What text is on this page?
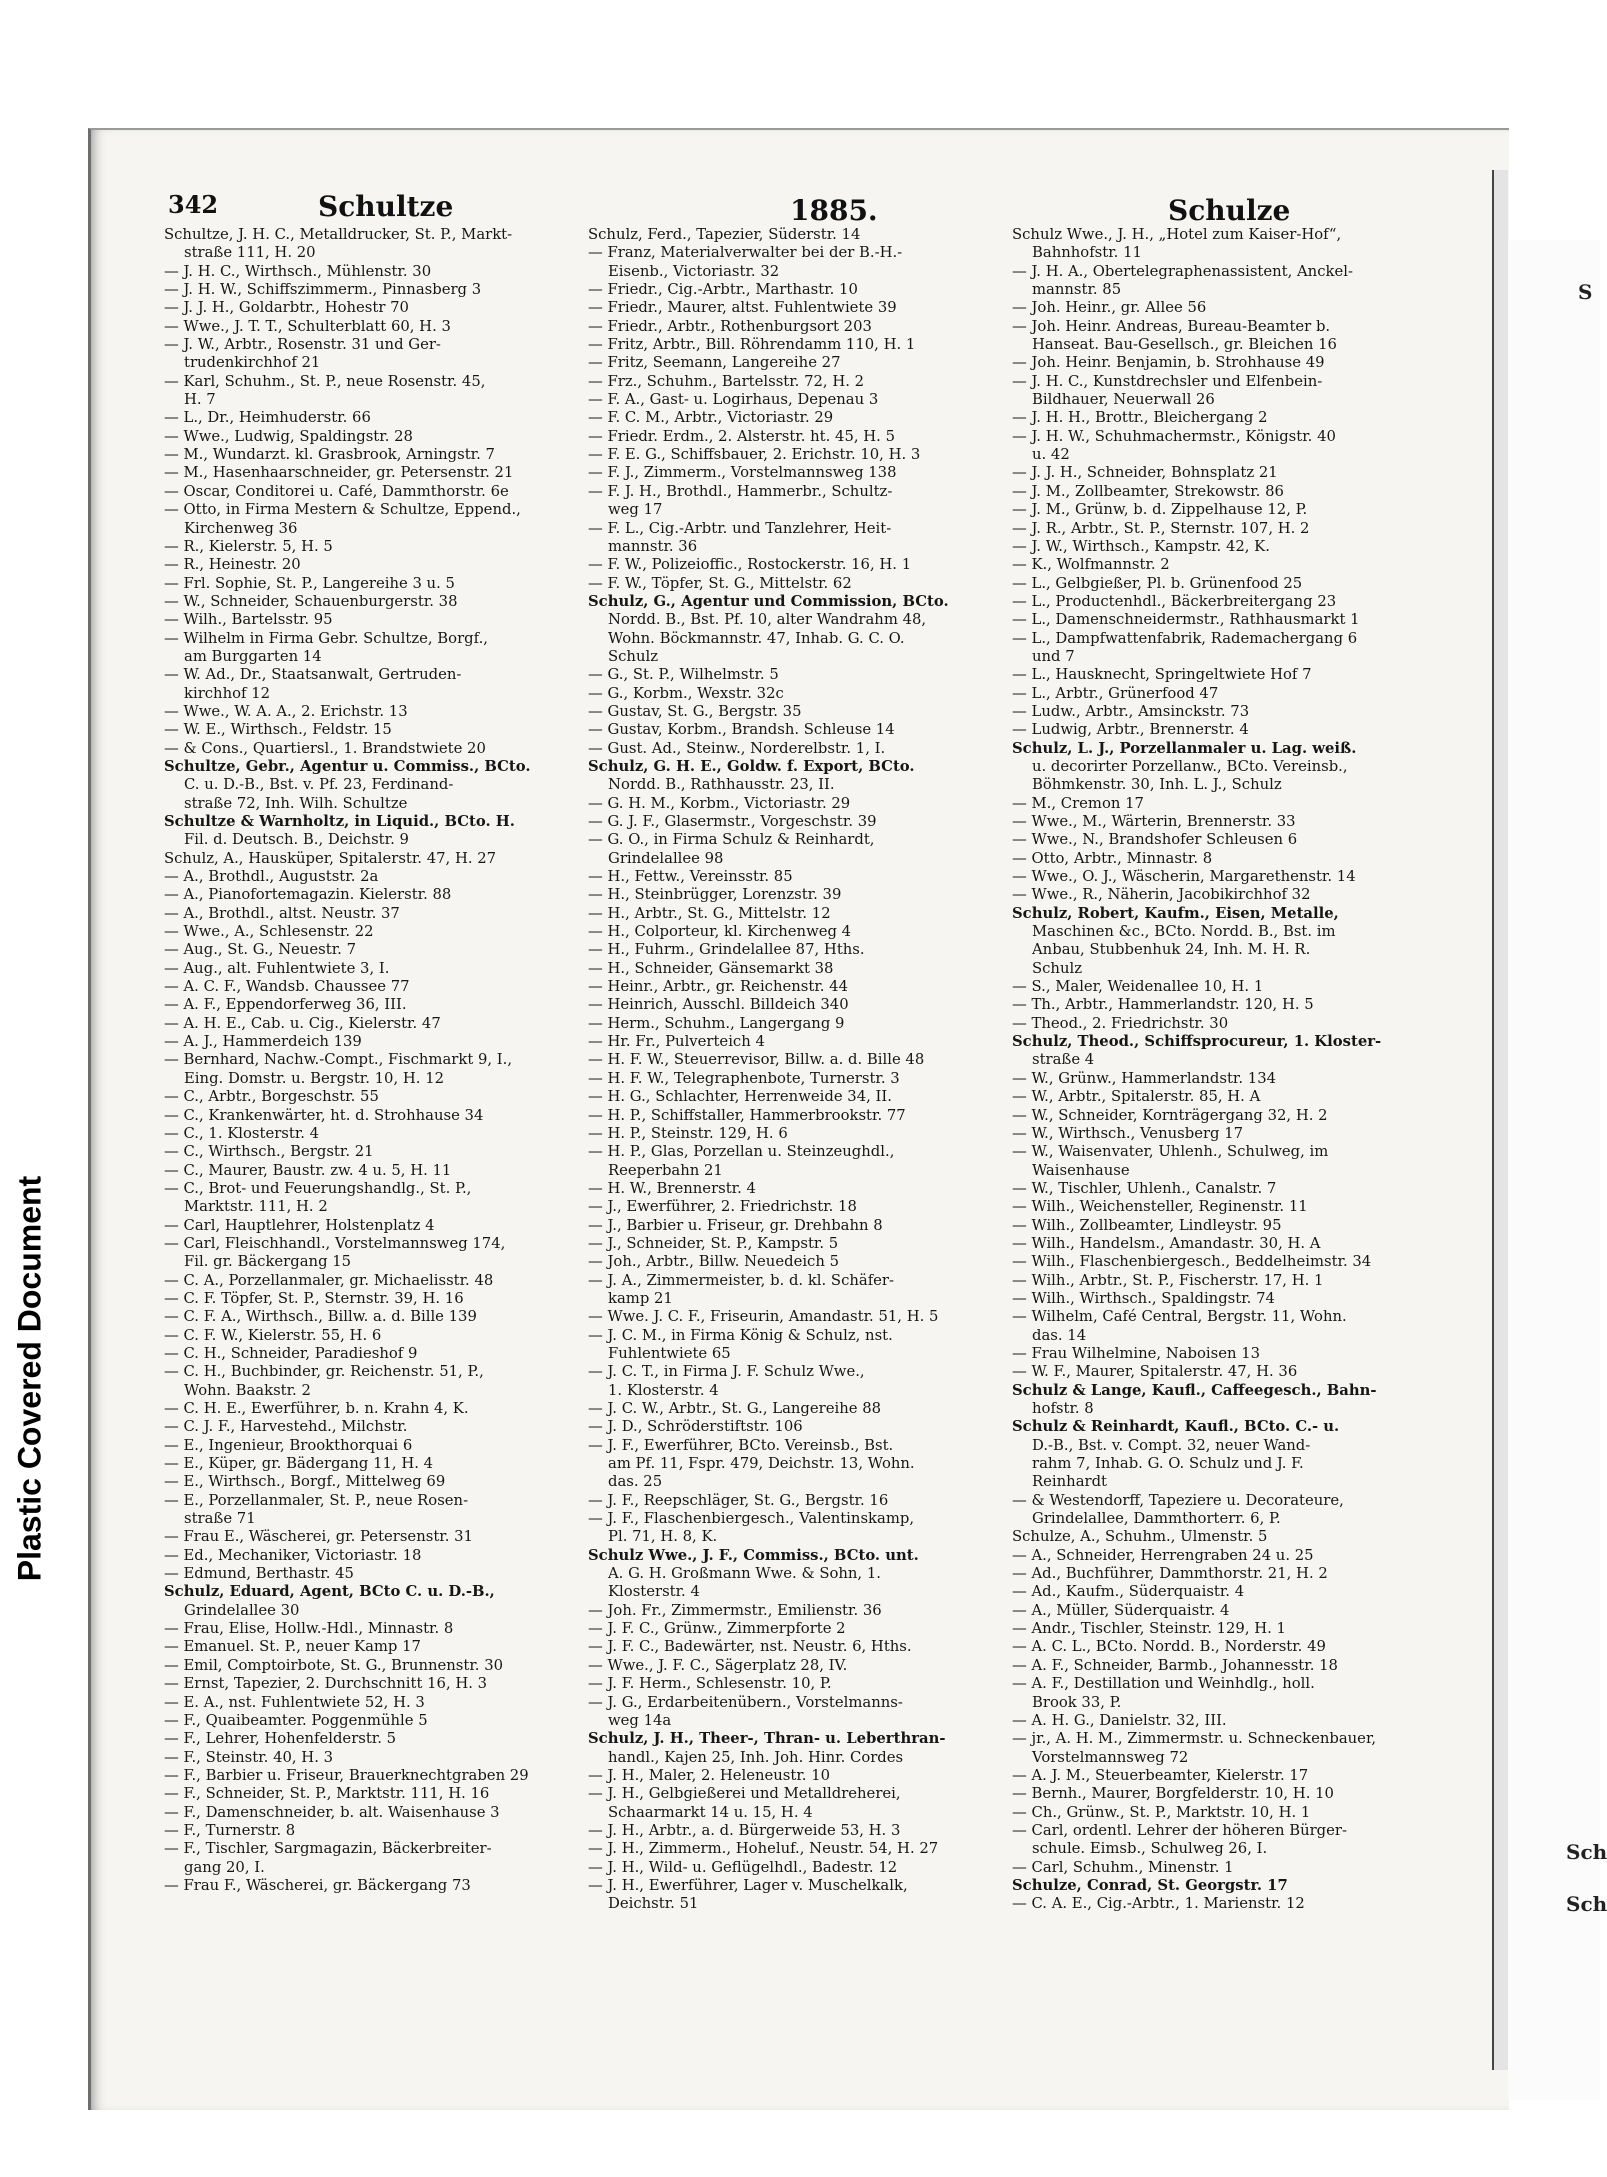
S
Sch
Sch
Plastic Covered Document
342	Schultze	1885.	Schulze
Schultze, J. H. C., Metalldrucker, St. P., Markt-
straße 111, H. 20
— J. H. C., Wirthsch., Mühlenstr. 30
— J. H. W., Schiffszimmerm., Pinnasberg 3
— J. J. H., Goldarbtr., Hohestr 70
— Wwe., J. T. T., Schulterblatt 60, H. 3
— J. W., Arbtr., Rosenstr. 31 und Ger-
trudenkirchhof 21
— Karl, Schuhm., St. P., neue Rosenstr. 45,
H. 7
— L., Dr., Heimhuderstr. 66
— Wwe., Ludwig, Spaldingstr. 28
— M., Wundarzt. kl. Grasbrook, Arningstr. 7
— M., Hasenhaarschneider, gr. Petersenstr. 21
— Oscar, Conditorei u. Café, Dammthorstr. 6e
— Otto, in Firma Mestern & Schultze, Eppend.,
Kirchenweg 36
— R., Kielerstr. 5, H. 5
— R., Heinestr. 20
— Frl. Sophie, St. P., Langereihe 3 u. 5
— W., Schneider, Schauenburgerstr. 38
— Wilh., Bartelsstr. 95
— Wilhelm in Firma Gebr. Schultze, Borgf.,
am Burggarten 14
— W. Ad., Dr., Staatsanwalt, Gertruden-
kirchhof 12
— Wwe., W. A. A., 2. Erichstr. 13
— W. E., Wirthsch., Feldstr. 15
— & Cons., Quartiersl., 1. Brandstwiete 20
Schultze, Gebr., Agentur u. Commiss., BCto.
C. u. D.-B., Bst. v. Pf. 23, Ferdinand-
straße 72, Inh. Wilh. Schultze
Schultze & Warnholtz, in Liquid., BCto. H.
Fil. d. Deutsch. B., Deichstr. 9
Schulz, A., Hausküper, Spitalerstr. 47, H. 27
— A., Brothdl., Auguststr. 2a
— A., Pianofortemagazin. Kielerstr. 88
— A., Brothdl., altst. Neustr. 37
— Wwe., A., Schlesenstr. 22
— Aug., St. G., Neuestr. 7
— Aug., alt. Fuhlentwiete 3, I.
— A. C. F., Wandsb. Chaussee 77
— A. F., Eppendorferweg 36, III.
— A. H. E., Cab. u. Cig., Kielerstr. 47
— A. J., Hammerdeich 139
— Bernhard, Nachw.-Compt., Fischmarkt 9, I.,
Eing. Domstr. u. Bergstr. 10, H. 12
— C., Arbtr., Borgeschstr. 55
— C., Krankenwärter, ht. d. Strohhause 34
— C., 1. Klosterstr. 4
— C., Wirthsch., Bergstr. 21
— C., Maurer, Baustr. zw. 4 u. 5, H. 11
— C., Brot- und Feuerungshandlg., St. P.,
Marktstr. 111, H. 2
— Carl, Hauptlehrer, Holstenplatz 4
— Carl, Fleischhandl., Vorstelmannsweg 174,
Fil. gr. Bäckergang 15
— C. A., Porzellanmaler, gr. Michaelisstr. 48
— C. F. Töpfer, St. P., Sternstr. 39, H. 16
— C. F. A., Wirthsch., Billw. a. d. Bille 139
— C. F. W., Kielerstr. 55, H. 6
— C. H., Schneider, Paradieshof 9
— C. H., Buchbinder, gr. Reichenstr. 51, P.,
Wohn. Baakstr. 2
— C. H. E., Ewerführer, b. n. Krahn 4, K.
— C. J. F., Harvestehd., Milchstr.
— E., Ingenieur, Brookthorquai 6
— E., Küper, gr. Bädergang 11, H. 4
— E., Wirthsch., Borgf., Mittelweg 69
— E., Porzellanmaler, St. P., neue Rosen-
straße 71
— Frau E., Wäscherei, gr. Petersenstr. 31
— Ed., Mechaniker, Victoriastr. 18
— Edmund, Berthastr. 45
Schulz, Eduard, Agent, BCto C. u. D.-B.,
Grindelallee 30
— Frau, Elise, Hollw.-Hdl., Minnastr. 8
— Emanuel. St. P., neuer Kamp 17
— Emil, Comptoirbote, St. G., Brunnenstr. 30
— Ernst, Tapezier, 2. Durchschnitt 16, H. 3
— E. A., nst. Fuhlentwiete 52, H. 3
— F., Quaibeamter. Poggenmühle 5
— F., Lehrer, Hohenfelderstr. 5
— F., Steinstr. 40, H. 3
— F., Barbier u. Friseur, Brauerknechtgraben 29
— F., Schneider, St. P., Marktstr. 111, H. 16
— F., Damenschneider, b. alt. Waisenhause 3
— F., Turnerstr. 8
— F., Tischler, Sargmagazin, Bäckerbreiter-
gang 20, I.
— Frau F., Wäscherei, gr. Bäckergang 73
Schulz, Ferd., Tapezier, Süderstr. 14
— Franz, Materialverwalter bei der B.-H.-
Eisenb., Victoriastr. 32
— Friedr., Cig.-Arbtr., Marthastr. 10
— Friedr., Maurer, altst. Fuhlentwiete 39
— Friedr., Arbtr., Rothenburgsort 203
— Fritz, Arbtr., Bill. Röhrendamm 110, H. 1
— Fritz, Seemann, Langereihe 27
— Frz., Schuhm., Bartelsstr. 72, H. 2
— F. A., Gast- u. Logirhaus, Depenau 3
— F. C. M., Arbtr., Victoriastr. 29
— Friedr. Erdm., 2. Alsterstr. ht. 45, H. 5
— F. E. G., Schiffsbauer, 2. Erichstr. 10, H. 3
— F. J., Zimmerm., Vorstelmannsweg 138
— F. J. H., Brothdl., Hammerbr., Schultz-
weg 17
— F. L., Cig.-Arbtr. und Tanzlehrer, Heit-
mannstr. 36
— F. W., Polizeioffic., Rostockerstr. 16, H. 1
— F. W., Töpfer, St. G., Mittelstr. 62
Schulz, G., Agentur und Commission, BCto.
Nordd. B., Bst. Pf. 10, alter Wandrahm 48,
Wohn. Böckmannstr. 47, Inhab. G. C. O.
Schulz
— G., St. P., Wilhelmstr. 5
— G., Korbm., Wexstr. 32c
— Gustav, St. G., Bergstr. 35
— Gustav, Korbm., Brandsh. Schleuse 14
— Gust. Ad., Steinw., Norderelbstr. 1, I.
Schulz, G. H. E., Goldw. f. Export, BCto.
Nordd. B., Rathhausstr. 23, II.
— G. H. M., Korbm., Victoriastr. 29
— G. J. F., Glasermstr., Vorgeschstr. 39
— G. O., in Firma Schulz & Reinhardt,
Grindelallee 98
— H., Fettw., Vereinsstr. 85
— H., Steinbrügger, Lorenzstr. 39
— H., Arbtr., St. G., Mittelstr. 12
— H., Colporteur, kl. Kirchenweg 4
— H., Fuhrm., Grindelallee 87, Hths.
— H., Schneider, Gänsemarkt 38
— Heinr., Arbtr., gr. Reichenstr. 44
— Heinrich, Ausschl. Billdeich 340
— Herm., Schuhm., Langergang 9
— Hr. Fr., Pulverteich 4
— H. F. W., Steuerrevisor, Billw. a. d. Bille 48
— H. F. W., Telegraphenbote, Turnerstr. 3
— H. G., Schlachter, Herrenweide 34, II.
— H. P., Schiffstaller, Hammerbrookstr. 77
— H. P., Steinstr. 129, H. 6
— H. P., Glas, Porzellan u. Steinzeughdl.,
Reeperbahn 21
— H. W., Brennerstr. 4
— J., Ewerführer, 2. Friedrichstr. 18
— J., Barbier u. Friseur, gr. Drehbahn 8
— J., Schneider, St. P., Kampstr. 5
— Joh., Arbtr., Billw. Neuedeich 5
— J. A., Zimmermeister, b. d. kl. Schäfer-
kamp 21
— Wwe. J. C. F., Friseurin, Amandastr. 51, H. 5
— J. C. M., in Firma König & Schulz, nst.
Fuhlentwiete 65
— J. C. T., in Firma J. F. Schulz Wwe.,
1. Klosterstr. 4
— J. C. W., Arbtr., St. G., Langereihe 88
— J. D., Schröderstiftstr. 106
— J. F., Ewerführer, BCto. Vereinsb., Bst.
am Pf. 11, Fspr. 479, Deichstr. 13, Wohn.
das. 25
— J. F., Reepschläger, St. G., Bergstr. 16
— J. F., Flaschenbiergesch., Valentinskamp,
Pl. 71, H. 8, K.
Schulz Wwe., J. F., Commiss., BCto. unt.
A. G. H. Großmann Wwe. & Sohn, 1.
Klosterstr. 4
— Joh. Fr., Zimmermstr., Emilienstr. 36
— J. F. C., Grünw., Zimmerpforte 2
— J. F. C., Badewärter, nst. Neustr. 6, Hths.
— Wwe., J. F. C., Sägerplatz 28, IV.
— J. F. Herm., Schlesenstr. 10, P.
— J. G., Erdarbeitenübern., Vorstelmanns-
weg 14a
Schulz, J. H., Theer-, Thran- u. Leberthran-
handl., Kajen 25, Inh. Joh. Hinr. Cordes
— J. H., Maler, 2. Heleneustr. 10
— J. H., Gelbgießerei und Metalldreherei,
Schaarmarkt 14 u. 15, H. 4
— J. H., Arbtr., a. d. Bürgerweide 53, H. 3
— J. H., Zimmerm., Hoheluf., Neustr. 54, H. 27
— J. H., Wild- u. Geflügelhdl., Badestr. 12
— J. H., Ewerführer, Lager v. Muschelkalk,
Deichstr. 51
Schulz Wwe., J. H., „Hotel zum Kaiser-Hof“,
Bahnhofstr. 11
— J. H. A., Obertelegraphenassistent, Anckel-
mannstr. 85
— Joh. Heinr., gr. Allee 56
— Joh. Heinr. Andreas, Bureau-Beamter b.
Hanseat. Bau-Gesellsch., gr. Bleichen 16
— Joh. Heinr. Benjamin, b. Strohhause 49
— J. H. C., Kunstdrechsler und Elfenbein-
Bildhauer, Neuerwall 26
— J. H. H., Brottr., Bleichergang 2
— J. H. W., Schuhmachermstr., Königstr. 40
u. 42
— J. J. H., Schneider, Bohnsplatz 21
— J. M., Zollbeamter, Strekowstr. 86
— J. M., Grünw, b. d. Zippelhause 12, P.
— J. R., Arbtr., St. P., Sternstr. 107, H. 2
— J. W., Wirthsch., Kampstr. 42, K.
— K., Wolfmannstr. 2
— L., Gelbgießer, Pl. b. Grünenfood 25
— L., Productenhdl., Bäckerbreitergang 23
— L., Damenschneidermstr., Rathhausmarkt 1
— L., Dampfwattenfabrik, Rademachergang 6
und 7
— L., Hausknecht, Springeltwiete Hof 7
— L., Arbtr., Grünerfood 47
— Ludw., Arbtr., Amsinckstr. 73
— Ludwig, Arbtr., Brennerstr. 4
Schulz, L. J., Porzellanmaler u. Lag. weiß.
u. decorirter Porzellanw., BCto. Vereinsb.,
Böhmkenstr. 30, Inh. L. J., Schulz
— M., Cremon 17
— Wwe., M., Wärterin, Brennerstr. 33
— Wwe., N., Brandshofer Schleusen 6
— Otto, Arbtr., Minnastr. 8
— Wwe., O. J., Wäscherin, Margarethenstr. 14
— Wwe., R., Näherin, Jacobikirchhof 32
Schulz, Robert, Kaufm., Eisen, Metalle,
Maschinen &c., BCto. Nordd. B., Bst. im
Anbau, Stubbenhuk 24, Inh. M. H. R.
Schulz
— S., Maler, Weidenallee 10, H. 1
— Th., Arbtr., Hammerlandstr. 120, H. 5
— Theod., 2. Friedrichstr. 30
Schulz, Theod., Schiffsprocureur, 1. Kloster-
straße 4
— W., Grünw., Hammerlandstr. 134
— W., Arbtr., Spitalerstr. 85, H. A
— W., Schneider, Kornträgergang 32, H. 2
— W., Wirthsch., Venusberg 17
— W., Waisenvater, Uhlenh., Schulweg, im
Waisenhause
— W., Tischler, Uhlenh., Canalstr. 7
— Wilh., Weichensteller, Reginenstr. 11
— Wilh., Zollbeamter, Lindleystr. 95
— Wilh., Handelsm., Amandastr. 30, H. A
— Wilh., Flaschenbiergesch., Beddelheimstr. 34
— Wilh., Arbtr., St. P., Fischerstr. 17, H. 1
— Wilh., Wirthsch., Spaldingstr. 74
— Wilhelm, Café Central, Bergstr. 11, Wohn.
das. 14
— Frau Wilhelmine, Naboisen 13
— W. F., Maurer, Spitalerstr. 47, H. 36
Schulz & Lange, Kaufl., Caffeegesch., Bahn-
hofstr. 8
Schulz & Reinhardt, Kaufl., BCto. C.- u.
D.-B., Bst. v. Compt. 32, neuer Wand-
rahm 7, Inhab. G. O. Schulz und J. F.
Reinhardt
— & Westendorff, Tapeziere u. Decorateure,
Grindelallee, Dammthorterr. 6, P.
Schulze, A., Schuhm., Ulmenstr. 5
— A., Schneider, Herrengraben 24 u. 25
— Ad., Buchführer, Dammthorstr. 21, H. 2
— Ad., Kaufm., Süderquaistr. 4
— A., Müller, Süderquaistr. 4
— Andr., Tischler, Steinstr. 129, H. 1
— A. C. L., BCto. Nordd. B., Norderstr. 49
— A. F., Schneider, Barmb., Johannesstr. 18
— A. F., Destillation und Weinhdlg., holl.
Brook 33, P.
— A. H. G., Danielstr. 32, III.
— jr., A. H. M., Zimmermstr. u. Schneckenbauer,
Vorstelmannsweg 72
— A. J. M., Steuerbeamter, Kielerstr. 17
— Bernh., Maurer, Borgfelderstr. 10, H. 10
— Ch., Grünw., St. P., Marktstr. 10, H. 1
— Carl, ordentl. Lehrer der höheren Bürger-
schule. Eimsb., Schulweg 26, I.
— Carl, Schuhm., Minenstr. 1
Schulze, Conrad, St. Georgstr. 17
— C. A. E., Cig.-Arbtr., 1. Marienstr. 12
